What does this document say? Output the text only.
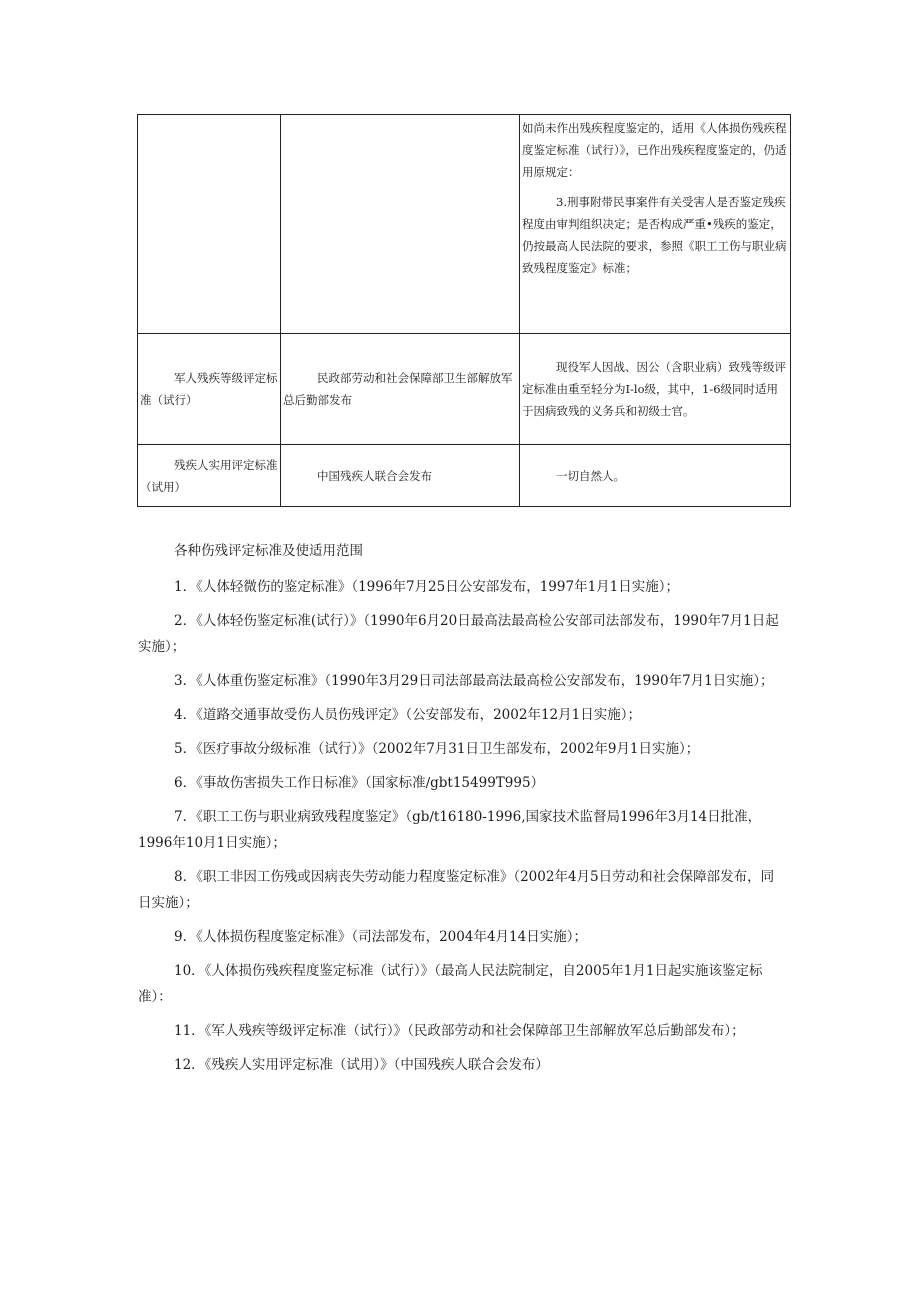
		如尚未作出残疾程度鉴定的，适用《人体损伤残疾程度鉴定标准（试行）》，已作出残疾程度鉴定的，仍适用原规定：

3.刑事附带民事案件有关受害人是否鉴定残疾程度由审判组织决定；是否构成严重•残疾的鉴定，仍按最高人民法院的要求，参照《职工工伤与职业病致残程度鉴定》标准；

军人残疾等级评定标准（试行）	民政部劳动和社会保障部卫生部解放军总后勤部发布	现役军人因战、因公（含职业病）致残等级评定标准由重至轻分为I-lo级，其中，1-6级同时适用于因病致残的义务兵和初级士官。

残疾人实用评定标准（试用）	中国残疾人联合会发布	一切自然人。

各种伤残评定标准及使适用范围

1．《人体轻微伤的鉴定标准》（1996年7月25日公安部发布，1997年1月1日实施）；

2．《人体轻伤鉴定标准(试行）》（1990年6月20日最高法最高检公安部司法部发布，1990年7月1日起实施）；

3．《人体重伤鉴定标准》（1990年3月29日司法部最高法最高检公安部发布，1990年7月1日实施）；

4．《道路交通事故受伤人员伤残评定》（公安部发布，2002年12月1日实施）；

5．《医疗事故分级标准（试行）》（2002年7月31日卫生部发布，2002年9月1日实施）；

6．《事故伤害损失工作日标准》（国家标准∕gbt15499T995）

7．《职工工伤与职业病致残程度鉴定》（gb∕t16180-1996,国家技术监督局1996年3月14日批准，1996年10月1日实施）；

8．《职工非因工伤残或因病丧失劳动能力程度鉴定标准》（2002年4月5日劳动和社会保障部发布，同日实施）；

9．《人体损伤程度鉴定标准》（司法部发布，2004年4月14日实施）；

10．《人体损伤残疾程度鉴定标准（试行）》（最高人民法院制定，自2005年1月1日起实施该鉴定标准）：

11．《军人残疾等级评定标准（试行）》（民政部劳动和社会保障部卫生部解放军总后勤部发布）；

12．《残疾人实用评定标准（试用）》（中国残疾人联合会发布）
